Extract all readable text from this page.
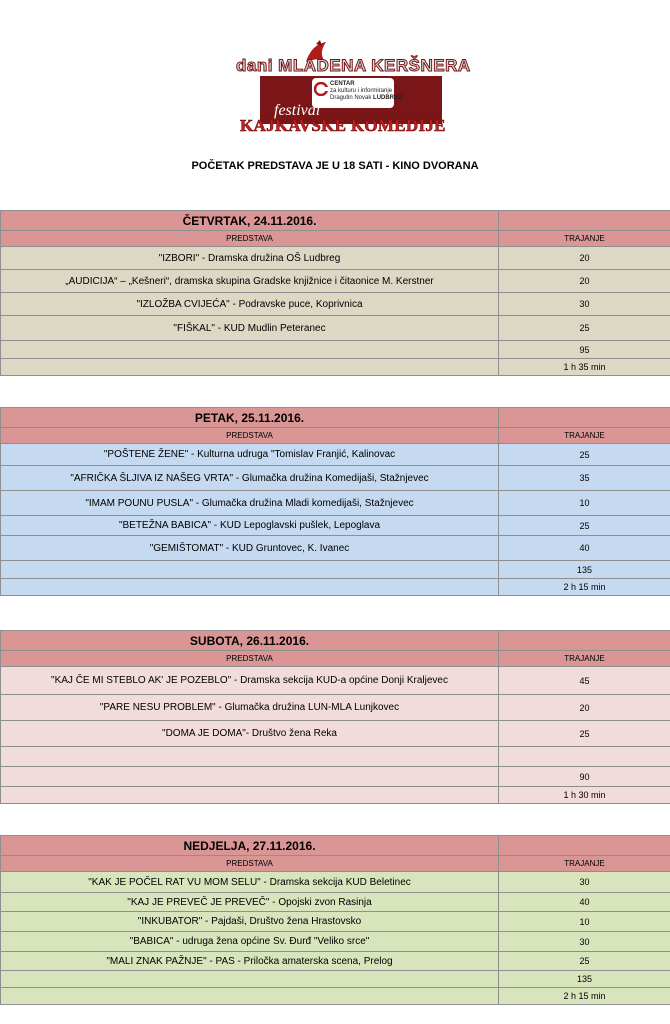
dani MLADENA KERŠNERA
CENTAR
za kulturu i informiranje
Dragutin Novak LUDBREG
festival
KAJKAVSKE KOMEDIJE
POČETAK PREDSTAVA JE U 18 SATI - KINO DVORANA
ČETVRTAK, 24.11.2016.	
PREDSTAVA	TRAJANJE
"IZBORI" - Dramska družina OŠ Ludbreg	20
„AUDICIJA“ – „Kešneri“, dramska skupina Gradske knjižnice i čitaonice M. Kerstner	20
"IZLOŽBA CVIJEĆA" - Podravske puce, Koprivnica	30
"FIŠKAL" - KUD Mudlin Peteranec	25
	95
	1 h 35 min
PETAK, 25.11.2016.	
PREDSTAVA	TRAJANJE
"POŠTENE ŽENE" - Kulturna udruga "Tomislav Franjić, Kalinovac	25
"AFRIČKA ŠLJIVA IZ NAŠEG VRTA" - Glumačka družina Komedijaši, Stažnjevec	35
"IMAM POUNU PUSLA" - Glumačka družina Mladi komedijaši, Stažnjevec	10
"BETEŽNA BABICA" - KUD Lepoglavski pušlek, Lepoglava	25
"GEMIŠTOMAT" - KUD Gruntovec, K. Ivanec	40
	135
	2 h 15 min
SUBOTA, 26.11.2016.	
PREDSTAVA	TRAJANJE
"KAJ ČE MI STEBLO AK' JE POZEBLO" - Dramska sekcija KUD-a općine Donji Kraljevec	45
"PARE NESU PROBLEM" - Glumačka družina LUN-MLA Lunjkovec	20
"DOMA JE DOMA"- Društvo žena Reka	25

	90
	1 h 30 min
NEDJELJA, 27.11.2016.	
PREDSTAVA	TRAJANJE
"KAK JE POČEL RAT VU MOM SELU" - Dramska sekcija KUD Beletinec	30
"KAJ JE PREVEČ JE PREVEČ" - Opojski zvon Rasinja	40
"INKUBATOR" - Pajdaši, Društvo žena Hrastovsko	10
"BABICA" - udruga žena općine Sv. Đurđ "Veliko srce"	30
"MALI ZNAK PAŽNJE" - PAS - Priločka amaterska scena, Prelog	25
	135
	2 h 15 min
